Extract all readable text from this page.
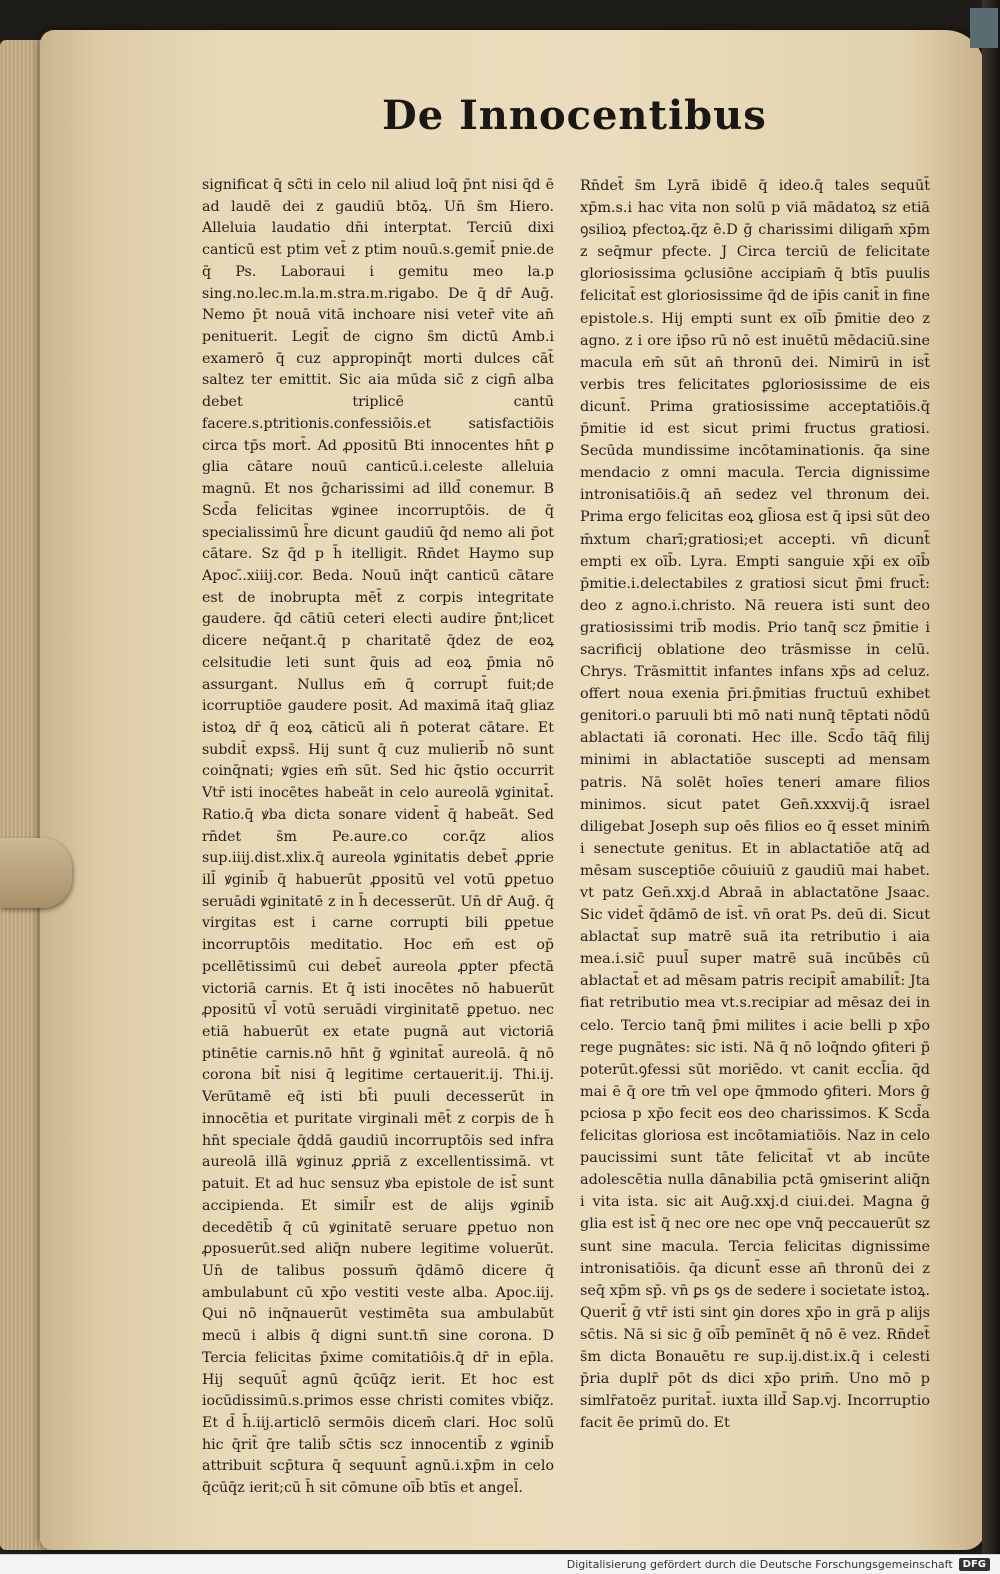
De Innocentibus

significat q̄ sc̄ti in celo nil aliud loq̄ p̄nt nisi q̄d ē ad laudē dei z gaudiū btōꝝ. Un̄ s̄m Hiero. Alleluia laudatio dn̄i interptat. Terciū dixi canticū est ptim vet̄ z ptim nouū.s.gemit̄ pnie.de q̄ Ps. Laboraui i gemitu meo la.p sing.no.lec.m.la.m.stra.m.rigabo. De q̄ dr̄ Auḡ. Nemo p̄t nouā vitā inchoare nisi veter̄ vite an̄ penituerit. Legit̄ de cigno s̄m dictū Amb.i examerō q̄ cuz appropinq̄t morti dulces cāt̄ saltez ter emittit. Sic aia mūda sic̄ z cign̄ alba debet triplicē cantū facere.s.ptritionis.confessiōis.et satisfactiōis circa tp̄s mort̄. Ad ꝓpositū Bti innocentes hn̄t ꝑ glia cātare nouū canticū.i.celeste alleluia magnū. Et nos ḡcharissimi ad illd̄ conemur. B Scd̄a felicitas ꝟginee incorruptōis. de q̄ specialissimū h̄re dicunt gaudiū q̄d nemo ali̇ p̄ot cātare. Sz q̄d p h̄ itelligit. Rn̄det Haymo sup Apoc.̄.xiiij.cor. Beda. Nouū inq̄t canticū cātare est de inobrupta mēt̄ z corpis integritate gaudere. q̄d cātiū ceteri electi audire p̄nt;licet dicere neq̄ant.q̄ p charitatē q̄dez de eoꝝ celsitudie leti sunt q̄uis ad eoꝝ p̄mia nō assurgant. Nullus em̄ q̄ corrupt̄ fuit;de icorruptiōe gaudere posit. Ad maximā itaq̄ gliaz istoꝝ dr̄ q̄ eoꝝ cāticū ali̇ n̄ poterat cātare. Et subdit̄ expss̄. Hij sunt q̄ cuz mulierib̄ nō sunt coinq̄nati; ꝟgies em̄ sūt. Sed hic q̄stio occurrit Vtr̄ isti inocētes habeāt in celo aureolā ꝟginitat̄. Ratio.q̄ ꝟba dicta sonare vident̄ q̄ habeāt. Sed rn̄det s̄m Pe.aure.co cor.q̄z alios sup.iiij.dist.xlix.q̄ aureola ꝟginitatis debet̄ ꝓprie ill̄ ꝟginib̄ q̄ habuerūt ꝓpositū vel votū ꝑpetuo seruādi ꝟginitatē z in h̄ decesserūt. Un̄ dr̄ Auḡ. q̄ virgitas est i carne corrupti bili ꝑpetue incorruptōis meditatio. Hoc em̄ est op̄ pcellētissimū cui debet̄ aureola ꝓpter pfectā victoriā carnis. Et q̄ isti inocētes nō habuerūt ꝓpositū vl̄ votū seruādi virginitatē ꝑpetuo. nec etiā habuerūt ex etate pugnā aut victoriā ptinētie carnis.nō hn̄t ḡ ꝟginitat̄ aureolā. q̄ nō corona bit̄ nisi q̄ legitime certauerit.ij. Thi.ij. Verūtamē eq̄ isti bt̄i puuli decesserūt in innocētia et puritate virginali mēt̄ z corpis de h̄ hn̄t speciale q̄ddā gaudiū incorruptōis sed infra aureolā illā ꝟginuz ꝓpriā z excellentissimā. vt patuit. Et ad huc sensuz ꝟba epistole de ist̄ sunt accipienda. Et simil̄r est de alijs ꝟginib̄ decedētib̄ q̄ cū ꝟginitatē seruare ꝑpetuo non ꝓposuerūt.sed aliq̄n nubere legitime voluerūt. Un̄ de talibus possum̄ q̄dāmō dicere q̄ ambulabunt cū xp̄o vestiti veste alba. Apoc.iij. Qui nō inq̄nauerūt vestimēta sua ambulabūt mecū i albis q̄ digni sunt.tn̄ sine corona. D Tercia felicitas p̄xime comitatiōis.q̄ dr̄ in ep̄la. Hij sequūt̄ agnū q̄cūq̄z ierit. Et hoc est iocūdissimū.s.primos esse christi comites vbiq̄z. Et d̄ h̄.iij.articlō sermōis dicem̄ clari̇. Hoc solū hic q̄rit̄ q̄re talib̄ sc̄tis scz innocentib̄ z ꝟginib̄ attribuit scp̄tura q̄ sequunt̄ agnū.i.xp̄m in celo q̄cūq̄z ierit;cū h̄ sit cōmune oīb̄ btīs et angel̄.

Rn̄det̄ s̄m Lyrā ibidē q̄ ideo.q̄ tales sequūt̄ xp̄m.s.i hac vita non solū p viā mādatoꝝ sz etiā ꝯsilioꝝ pfectoꝝ.q̄z ē.D ḡ charissimi diligam̄ xp̄m z seq̄mur pfecte. J Circa terciū de felicitate gloriosissima ꝯclusiōne accipiam̄ q̄ btīs puulis felicitat̄ est gloriosissime q̄d de ip̄is canit̄ in fine epistole.s. Hij empti sunt ex oīb̄ p̄mitie deo z agno. z i ore ip̄so rū nō est inuētū mēdaciū.sine macula em̄ sūt an̄ thronū dei. Nimirū in ist̄ verbis tres felicitates ꝑgloriosissime de eis dicunt̄. Prima gratiosissime acceptatiōis.q̄ p̄mitie id est sicut primi fructus gratiosi. Secūda mundissime incōtaminationis. q̄a sine mendacio z omni macula. Tercia dignissime intronisatiōis.q̄ an̄ sedez vel thronum dei. Prima ergo felicitas eoꝝ gl̄iosa est q̄ ipsi sūt deo m̄xtum charī;gratiosi;et accepti. vn̄ dicunt̄ empti ex oīb̄. Lyra. Empti sanguie xp̄i ex oīb̄ p̄mitie.i.delectabiles z gratiosi sicut p̄mi fruct̄: deo z agno.i.christo. Nā reuera isti sunt deo gratiosissimi trib̄ modis. Prio tanq̄ scz p̄mitie i sacrificij oblatione deo trāsmisse in celū. Chrys. Trāsmittit infantes infans xp̄s ad celuz. offert noua exenia p̄ri.p̄mitias fructuū exhibet genitori.o paruuli bti mō nati nunq̄ tēptati nōdū ablactati iā coronati. Hec ille. Scd̄o tāq̄ filij minimi in ablactatiōe suscepti ad mensam patris. Nā solēt hoīes teneri̇ amare filios minimos. sicut patet Gen̄.xxxvij.q̄ israel diligebat Joseph sup oēs filios eo q̄ esset minim̄ i senectute genitus. Et in ablactatiōe atq̄ ad mēsam susceptiōe cōuiuiū z gaudiū mai̇ habet. vt patz Gen̄.xxj.d Abraā in ablactatōne Jsaac. Sic videt̄ q̄dāmō de ist̄. vn̄ orat Ps. deū di. Sicut ablactat̄ sup matrē suā ita retributio i aia mea.i.sic̄ puul̄ super matrē suā incūbēs cū ablactat̄ et ad mēsam patris recipit̄ amabilit̄: Jta fiat retributio mea vt.s.recipiar ad mēsaz dei in celo. Tercio tanq̄ p̄mi milites i acie belli p xp̄o rege pugnātes: sic isti. Nā q̄ nō loq̄ndo ꝯfiteri p̄ poterūt.ꝯfessi sūt moriēdo. vt canit eccl̄ia. q̄d mai̇ ē q̄ ore tm̄ vel ope q̄mmodo ꝯfiteri. Mors ḡ pciosa p xp̄o fecit eos deo charissimos. K Scd̄a felicitas gloriosa est incōtamiatiōis. Naz in celo paucissimi sunt tāte felicitat̄ vt ab incūte adolescētia nulla dānabilia pctā ꝯmiserint aliq̄n i vita ista. sic ait Auḡ.xxj.d ciui.dei. Magna ḡ glia est ist̄ q̄ nec ore nec ope vnq̄ peccauerūt sz sunt sine macula. Tercia felicitas dignissime intronisatiōis. q̄a dicunt̄ esse an̄ thronū dei z seq̄ xp̄m sp̄. vn̄ ꝑs ꝯs de sedere i societate istoꝝ. Querit̄ ḡ vtr̄ isti sint ꝯin dores xp̄o in grā p alijs sc̄tis. Nā si sic ḡ oīb̄ pemīnēt q̄ nō ē vez. Rn̄det̄ s̄m dicta Bonauētu re sup.ij.dist.ix.q̄ i celesti p̄ria duplr̄ pōt ds dici xp̄o prim̄. Uno mō p simlr̄atoēz puritat̄. iuxta illd̄ Sap.vj. Incorruptio facit ēe primū do. Et

Digitalisierung gefördert durch die Deutsche Forschungsgemeinschaft	DFG
